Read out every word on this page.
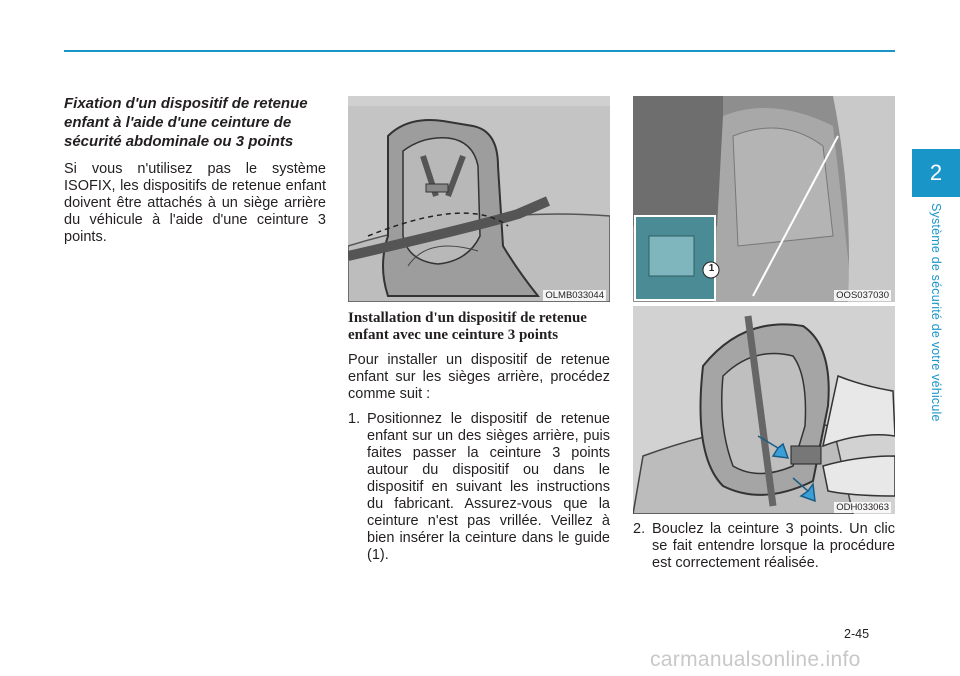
Fixation d'un dispositif de retenue enfant à l'aide d'une ceinture de sécurité abdominale ou 3 points

Si vous n'utilisez pas le système ISOFIX, les dispositifs de retenue enfant doivent être attachés à un siège arrière du véhicule à l'aide d'une ceinture 3 points.

OLMB033044
1
OOS037030
ODH033063
Installation d'un dispositif de retenue enfant avec une ceinture 3 points

Pour installer un dispositif de retenue enfant sur les sièges arrière, procédez comme suit :

1. Positionnez le dispositif de retenue enfant sur un des sièges arrière, puis faites passer la ceinture 3 points autour du dispositif ou dans le dispositif en suivant les instructions du fabricant. Assurez-vous que la ceinture n'est pas vrillée. Veillez à bien insérer la ceinture dans le guide (1).
2. Bouclez la ceinture 3 points. Un clic se fait entendre lorsque la procédure est correctement réalisée.
2
Système de sécurité de votre véhicule
2-45
carmanualsonline.info
